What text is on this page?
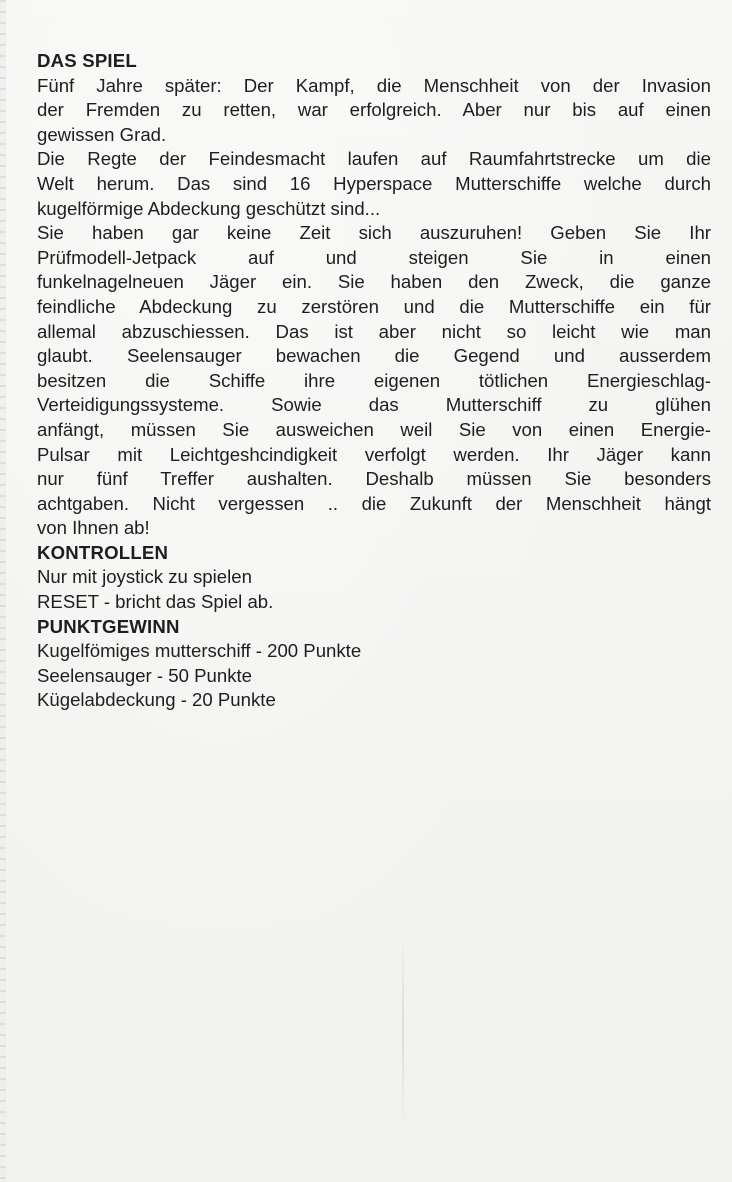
DAS SPIEL
Fünf Jahre später: Der Kampf, die Menschheit von der Invasion
der Fremden zu retten, war erfolgreich. Aber nur bis auf einen
gewissen Grad.
Die Regte der Feindesmacht laufen auf Raumfahrtstrecke um die
Welt herum. Das sind 16 Hyperspace Mutterschiffe welche durch
kugelförmige Abdeckung geschützt sind...
Sie haben gar keine Zeit sich auszuruhen! Geben Sie Ihr
Prüfmodell-Jetpack auf und steigen Sie in einen
funkelnagelneuen Jäger ein. Sie haben den Zweck, die ganze
feindliche Abdeckung zu zerstören und die Mutterschiffe ein für
allemal abzuschiessen. Das ist aber nicht so leicht wie man
glaubt. Seelensauger bewachen die Gegend und ausserdem
besitzen die Schiffe ihre eigenen tötlichen Energieschlag-
Verteidigungssysteme. Sowie das Mutterschiff zu glühen
anfängt, müssen Sie ausweichen weil Sie von einen Energie-
Pulsar mit Leichtgeshcindigkeit verfolgt werden. Ihr Jäger kann
nur fünf Treffer aushalten. Deshalb müssen Sie besonders
achtgaben. Nicht vergessen .. die Zukunft der Menschheit hängt
von Ihnen ab!
KONTROLLEN
Nur mit joystick zu spielen
RESET - bricht das Spiel ab.
PUNKTGEWINN
Kugelfömiges mutterschiff - 200 Punkte
Seelensauger - 50 Punkte
Kügelabdeckung - 20 Punkte
